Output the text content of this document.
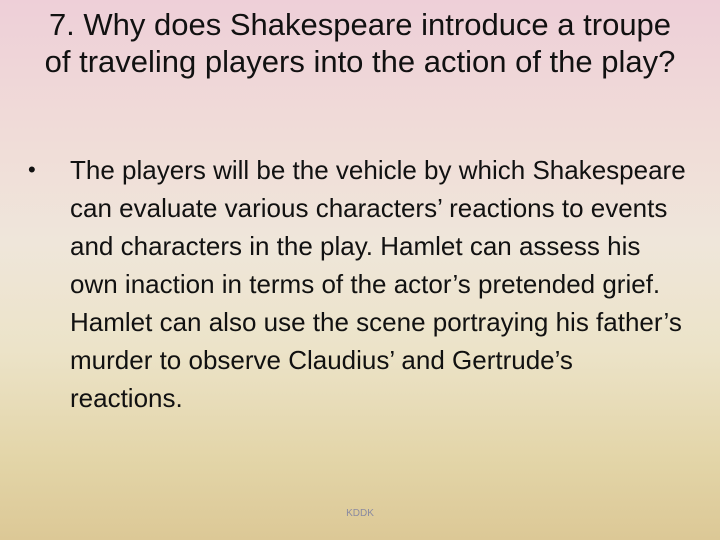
7. Why does Shakespeare introduce a troupe of traveling players into the action of the play?
•	The players will be the vehicle by which Shakespeare can evaluate various characters’ reactions to events and characters in the play. Hamlet can assess his own inaction in terms of the actor’s pretended grief. Hamlet can also use the scene portraying his father’s murder to observe Claudius’ and Gertrude’s reactions.
KDDK
